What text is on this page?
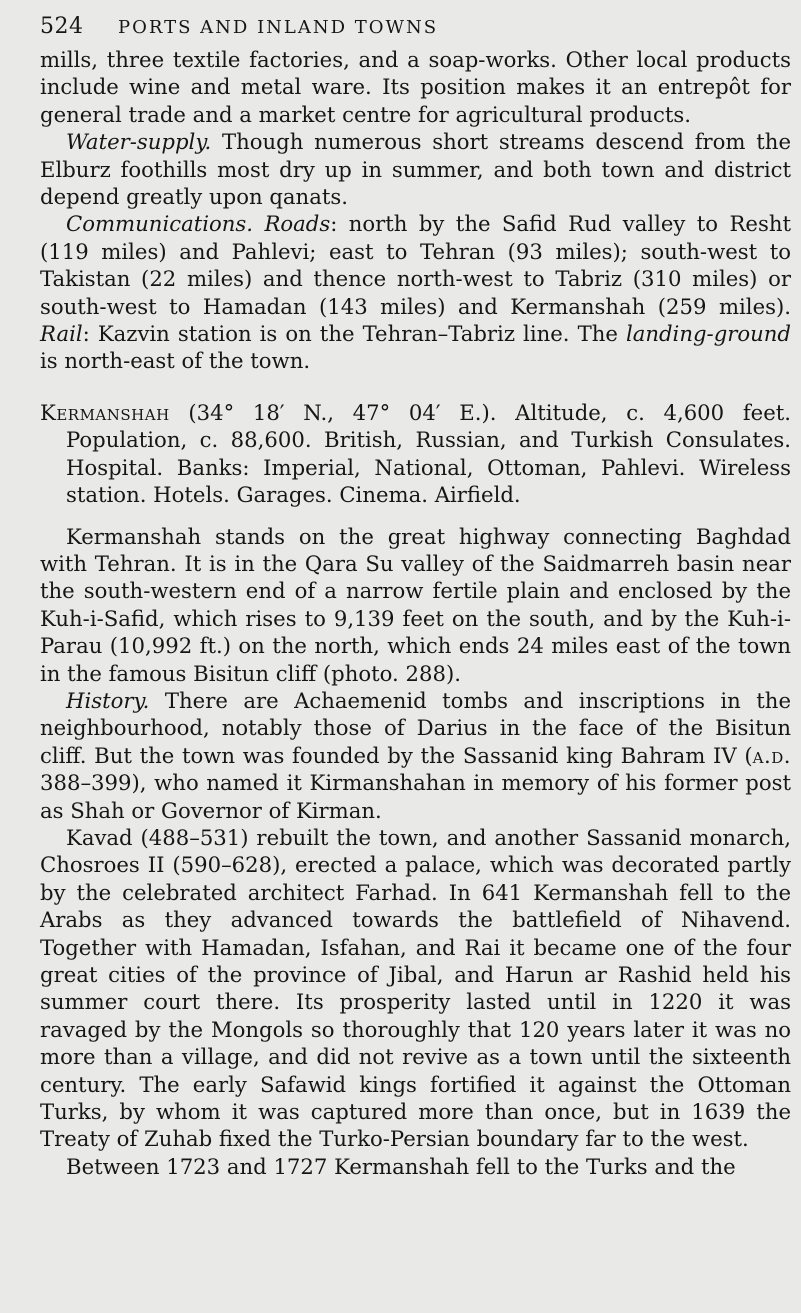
524	PORTS AND INLAND TOWNS

mills, three textile factories, and a soap-works. Other local products include wine and metal ware. Its position makes it an entrepôt for general trade and a market centre for agricultural products.

Water-supply. Though numerous short streams descend from the Elburz foothills most dry up in summer, and both town and district depend greatly upon qanats.

Communications. Roads: north by the Safid Rud valley to Resht (119 miles) and Pahlevi; east to Tehran (93 miles); south-west to Takistan (22 miles) and thence north-west to Tabriz (310 miles) or south-west to Hamadan (143 miles) and Kermanshah (259 miles). Rail: Kazvin station is on the Tehran–Tabriz line. The landing-ground is north-east of the town.

Kermanshah (34° 18′ N., 47° 04′ E.). Altitude, c. 4,600 feet. Population, c. 88,600. British, Russian, and Turkish Consulates. Hospital. Banks: Imperial, National, Ottoman, Pahlevi. Wireless station. Hotels. Garages. Cinema. Airfield.

Kermanshah stands on the great highway connecting Baghdad with Tehran. It is in the Qara Su valley of the Saidmarreh basin near the south-western end of a narrow fertile plain and enclosed by the Kuh-i-Safid, which rises to 9,139 feet on the south, and by the Kuh-i-Parau (10,992 ft.) on the north, which ends 24 miles east of the town in the famous Bisitun cliff (photo. 288).

History. There are Achaemenid tombs and inscriptions in the neighbourhood, notably those of Darius in the face of the Bisitun cliff. But the town was founded by the Sassanid king Bahram IV (a.d. 388–399), who named it Kirmanshahan in memory of his former post as Shah or Governor of Kirman.

Kavad (488–531) rebuilt the town, and another Sassanid monarch, Chosroes II (590–628), erected a palace, which was decorated partly by the celebrated architect Farhad. In 641 Kermanshah fell to the Arabs as they advanced towards the battlefield of Nihavend. Together with Hamadan, Isfahan, and Rai it became one of the four great cities of the province of Jibal, and Harun ar Rashid held his summer court there. Its prosperity lasted until in 1220 it was ravaged by the Mongols so thoroughly that 120 years later it was no more than a village, and did not revive as a town until the sixteenth century. The early Safawid kings fortified it against the Ottoman Turks, by whom it was captured more than once, but in 1639 the Treaty of Zuhab fixed the Turko-Persian boundary far to the west.

Between 1723 and 1727 Kermanshah fell to the Turks and the
